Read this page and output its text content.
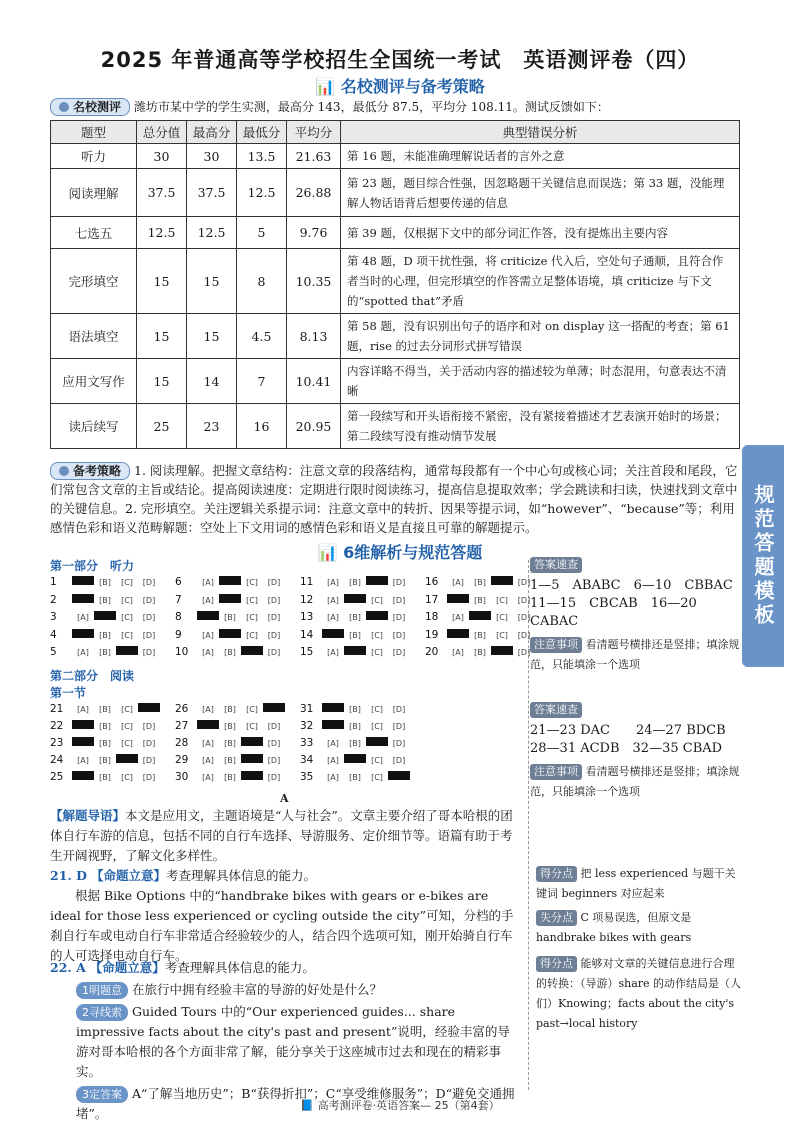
2025 年普通高等学校招生全国统一考试　英语测评卷（四）
📊 名校测评与备考策略
名校测评 潍坊市某中学的学生实测，最高分 143，最低分 87.5，平均分 108.11。测试反馈如下：
题型	总分值	最高分	最低分	平均分	典型错误分析
听力	30	30	13.5	21.63	第 16 题，未能准确理解说话者的言外之意
阅读理解	37.5	37.5	12.5	26.88	第 23 题，题目综合性强，因忽略题干关键信息而误选；第 33 题，没能理解人物话语背后想要传递的信息
七选五	12.5	12.5	5	9.76	第 39 题，仅根据下文中的部分词汇作答，没有提炼出主要内容
完形填空	15	15	8	10.35	第 48 题，D 项干扰性强，将 criticize 代入后，空处句子通顺，且符合作者当时的心理，但完形填空的作答需立足整体语境，填 criticize 与下文的“spotted that”矛盾
语法填空	15	15	4.5	8.13	第 58 题，没有识别出句子的语序和对 on display 这一搭配的考查；第 61 题，rise 的过去分词形式拼写错误
应用文写作	15	14	7	10.41	内容详略不得当，关于活动内容的描述较为单薄；时态混用，句意表达不清晰
读后续写	25	23	16	20.95	第一段续写和开头语衔接不紧密，没有紧接着描述才艺表演开始时的场景；第二段续写没有推动情节发展
规范答题模板
备考策略 1. 阅读理解。把握文章结构：注意文章的段落结构，通常每段都有一个中心句或核心词；关注首段和尾段，它们常包含文章的主旨或结论。提高阅读速度：定期进行限时阅读练习，提高信息提取效率；学会跳读和扫读，快速找到文章中的关键信息。2. 完形填空。关注逻辑关系提示词：注意文章中的转折、因果等提示词，如“however”、“because”等；利用感情色彩和语义范畴解题：空处上下文用词的感情色彩和语义是直接且可靠的解题提示。
📊 6维解析与规范答题
第一部分　听力
1	[B] [C] [D]
2	[B] [C] [D]
3	[A]	[C] [D]
4	[B] [C] [D]
5	[A] [B]	[D]
6	[A]	[C] [D]
7	[A]	[C] [D]
8	[B] [C] [D]
9	[A]	[C] [D]
10 [A] [B]	[D]
11 [A] [B]	[D]
12 [A]	[C] [D]
13 [A] [B]	[D]
14	[B] [C] [D]
15 [A]	[C] [D]
16 [A] [B]	[D]
17	[B] [C] [D]
18 [A]	[C] [D]
19	[B] [C] [D]
20 [A] [B]	[D]
第二部分　阅读
第一节
21 [A] [B] [C]
22	[B] [C] [D]
23	[B] [C] [D]
24 [A] [B]	[D]
25	[B] [C] [D]
26 [A] [B] [C]
27	[B] [C] [D]
28 [A] [B]	[D]
29 [A] [B]	[D]
30 [A] [B]	[D]
31	[B] [C] [D]
32	[B] [C] [D]
33 [A] [B]	[D]
34 [A]	[C] [D]
35 [A] [B] [C]
答案速查
1—5　ABABC　6—10　CBBAC
11—15　CBCAB　16—20 CABAC
注意事项 看清题号横排还是竖排；填涂规范，只能填涂一个选项
答案速查
21—23 DAC　　24—27 BDCB
28—31 ACDB　32—35 CBAD
注意事项 看清题号横排还是竖排；填涂规范，只能填涂一个选项
A
【解题导语】本文是应用文，主题语境是“人与社会”。文章主要介绍了哥本哈根的团体自行车游的信息，包括不同的自行车选择、导游服务、定价细节等。语篇有助于考生开阔视野，了解文化多样性。
21. D 【命题立意】考查理解具体信息的能力。
根据 Bike Options 中的“handbrake bikes with gears or e-bikes are ideal for those less experienced or cycling outside the city”可知，分档的手刹自行车或电动自行车非常适合经验较少的人，结合四个选项可知，刚开始骑自行车的人可选择电动自行车。
22. A 【命题立意】考查理解具体信息的能力。
1明题意 在旅行中拥有经验丰富的导游的好处是什么？
2寻线索 Guided Tours 中的“Our experienced guides... share impressive facts about the city's past and present”说明，经验丰富的导游对哥本哈根的各个方面非常了解，能分享关于这座城市过去和现在的精彩事实。
3定答案 A“了解当地历史”；B“获得折扣”；C“享受维修服务”；D“避免交通拥堵”。
得分点 把 less experienced 与题干关键词 beginners 对应起来
失分点 C 项易误选，但原文是 handbrake bikes with gears
得分点 能够对文章的关键信息进行合理的转换：（导游）share 的动作结局是（人们）Knowing；facts about the city's past→local history
📘 高考测评卷·英语答案— 25（第4套）
